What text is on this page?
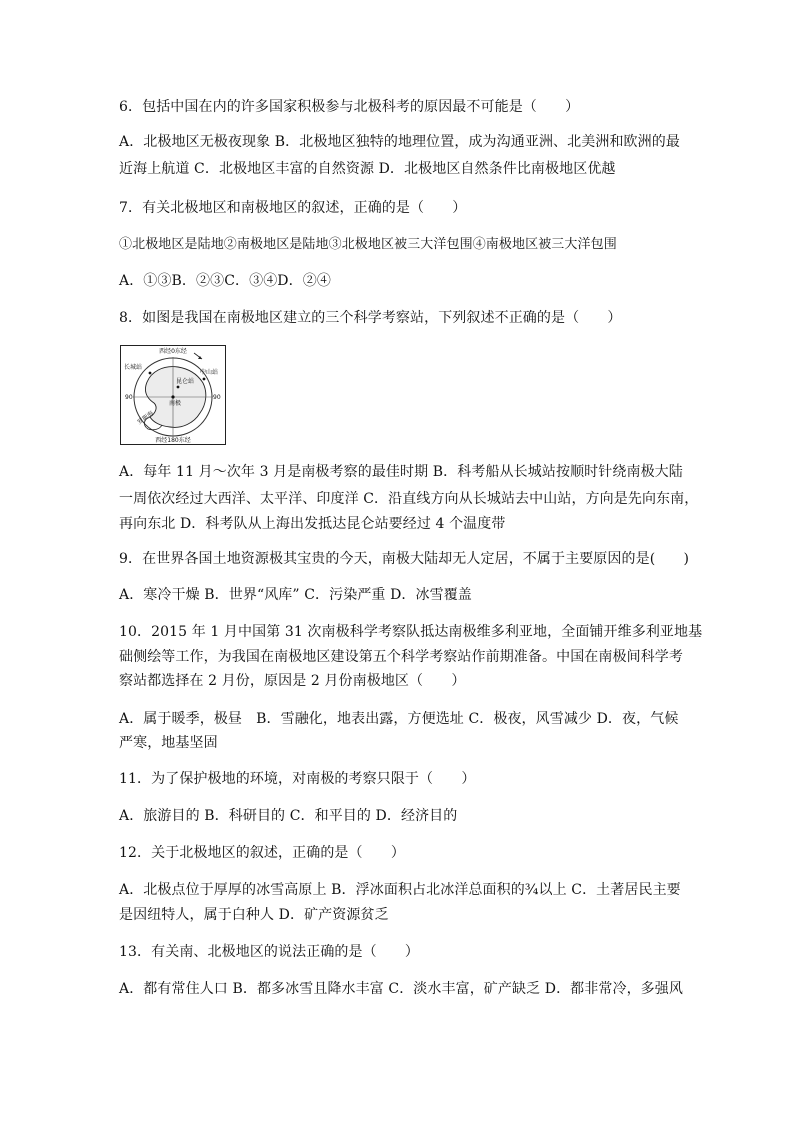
6．包括中国在内的许多国家积极参与北极科考的原因最不可能是（　　）
A．北极地区无极夜现象 B．北极地区独特的地理位置，成为沟通亚洲、北美洲和欧洲的最
近海上航道 C．北极地区丰富的自然资源 D．北极地区自然条件比南极地区优越
7．有关北极地区和南极地区的叙述，正确的是（　　）
①北极地区是陆地②南极地区是陆地③北极地区被三大洋包围④南极地区被三大洋包围
A．①③B．②③C．③④D．②④
8．如图是我国在南极地区建立的三个科学考察站，下列叙述不正确的是（　　）
西经0东经
西经180东经
90	90
长城站
中山站
昆仑站
南极
罗斯海
A．每年 11 月～次年 3 月是南极考察的最佳时期 B．科考船从长城站按顺时针绕南极大陆
一周依次经过大西洋、太平洋、印度洋 C．沿直线方向从长城站去中山站，方向是先向东南，
再向东北 D．科考队从上海出发抵达昆仑站要经过 4 个温度带
9．在世界各国土地资源极其宝贵的今天，南极大陆却无人定居，不属于主要原因的是(　　)
A．寒冷干燥 B．世界“风库” C．污染严重 D．冰雪覆盖
10．2015 年 1 月中国第 31 次南极科学考察队抵达南极维多利亚地，全面铺开维多利亚地基
础侧绘等工作，为我国在南极地区建设第五个科学考察站作前期准备。中国在南极间科学考
察站都选择在 2 月份，原因是 2 月份南极地区（　　）
A．属于暖季，极昼　B．雪融化，地表出露，方便选址 C．极夜，风雪减少 D．夜，气候
严寒，地基坚固
11．为了保护极地的环境，对南极的考察只限于（　　）
A．旅游目的 B．科研目的 C．和平目的 D．经济目的
12．关于北极地区的叙述，正确的是（　　）
A．北极点位于厚厚的冰雪高原上 B．浮冰面积占北冰洋总面积的¾以上 C．土著居民主要
是因纽特人，属于白种人 D．矿产资源贫乏
13．有关南、北极地区的说法正确的是（　　）
A．都有常住人口 B．都多冰雪且降水丰富 C．淡水丰富，矿产缺乏 D．都非常冷，多强风
